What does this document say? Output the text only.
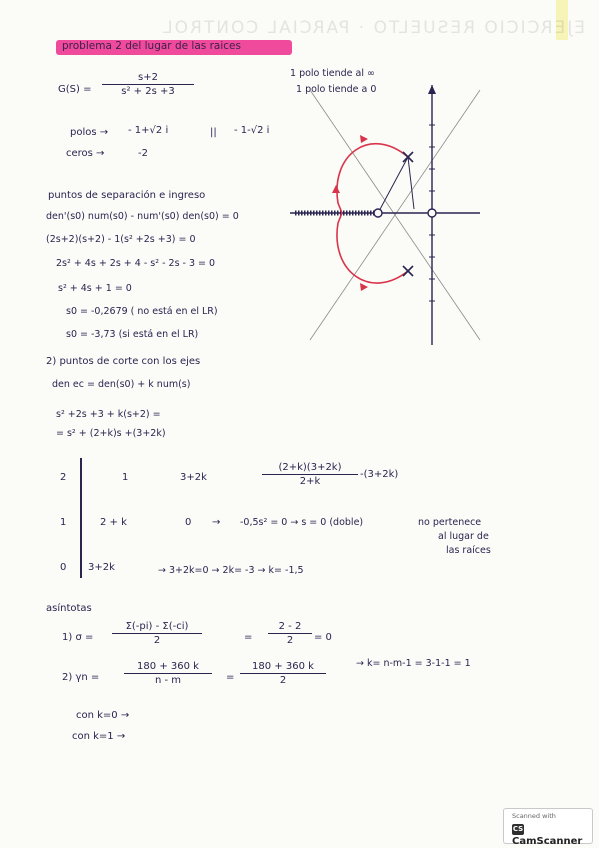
EJERCICIO RESUELTO · PARCIAL CONTROL
problema 2 del lugar de las raices
G(S) =
s+2
s² + 2s +3
1 polo tiende al ∞
1 polo tiende a 0
polos → - 1+√2 i	|| - 1-√2 i
ceros →	-2
puntos de separación e ingreso
den'(s0) num(s0) - num'(s0) den(s0) = 0
(2s+2)(s+2) - 1(s² +2s +3) = 0
2s² + 4s + 2s + 4 - s² - 2s - 3 = 0
s² + 4s + 1 = 0
s0 = -0,2679 ( no está en el LR)
s0 = -3,73 (si está en el LR)
2) puntos de corte con los ejes
den ec = den(s0) + k num(s)
s² +2s +3 + k(s+2) =
= s² + (2+k)s +(3+2k)
2	1	3+2k
(2+k)(3+2k)
2+k
-(3+2k)
1	2 + k	0 → -0,5s² = 0 → s = 0 (doble)	no pertenece
al lugar de
las raíces
0 3+2k	→ 3+2k=0 → 2k= -3 → k= -1,5
asíntotas
1) σ =
Σ(-pi) - Σ(-ci)
2	=
2 - 2
2	= 0
2) γn =
180 + 360 k
n - m	=
180 + 360 k
2
→ k= n-m-1 = 3-1-1 = 1
con k=0 →
con k=1 →
Scanned with
CSCamScanner
